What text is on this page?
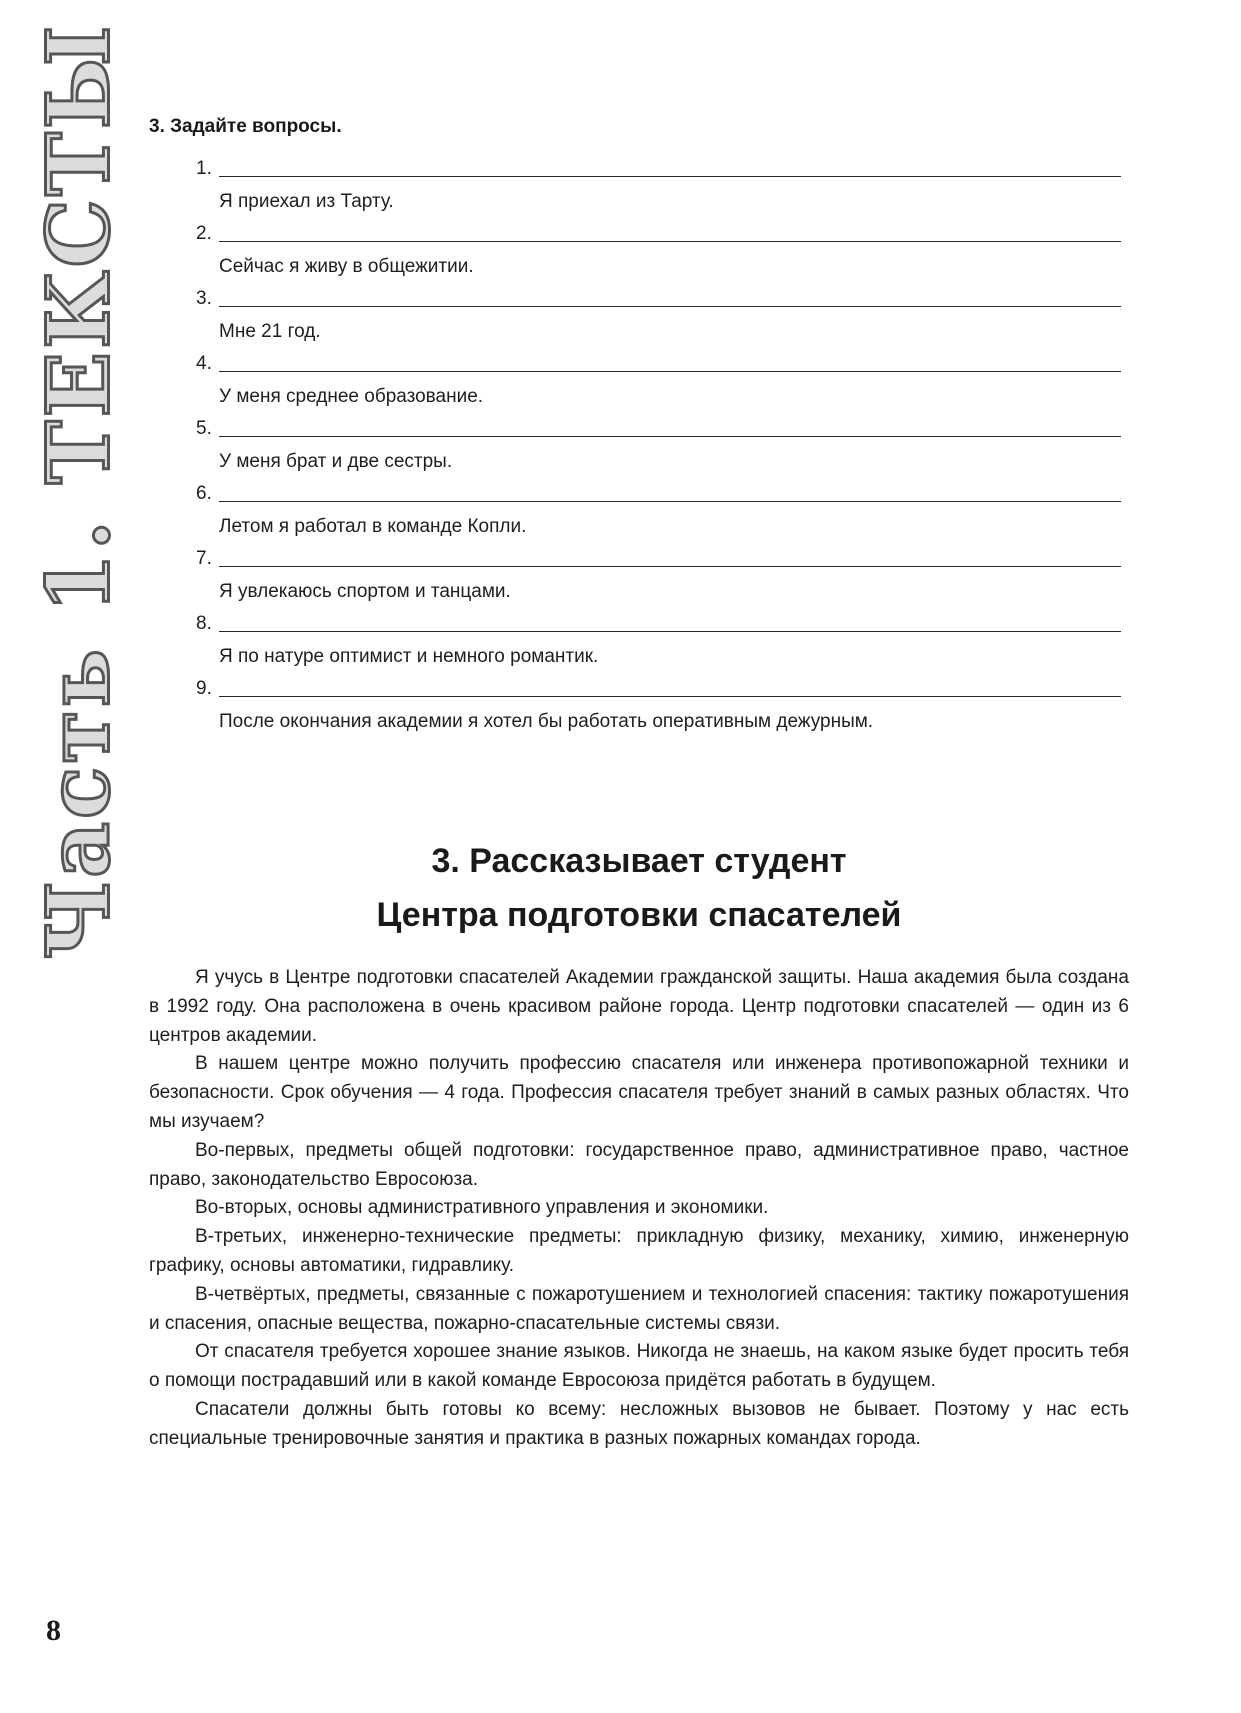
Часть 1. ТЕКСТЫ 3. Задайте вопросы.
1.
Я приехал из Тарту.
2.
Сейчас я живу в общежитии.
3.
Мне 21 год.
4.
У меня среднее образование.
5.
У меня брат и две сестры.
6.
Летом я работал в команде Копли.
7.
Я увлекаюсь спортом и танцами.
8.
Я по натуре оптимист и немного романтик.
9.
После окончания академии я хотел бы работать оперативным дежурным.
3. Рассказывает студент
Центра подготовки спасателей

Я учусь в Центре подготовки спасателей Академии гражданской защиты. Наша академия была создана в 1992 году. Она расположена в очень красивом районе города. Центр подготовки спасателей — один из 6 центров академии.

В нашем центре можно получить профессию спасателя или инженера противопожарной техники и безопасности. Срок обучения — 4 года. Профессия спасателя требует знаний в самых разных областях. Что мы изучаем?

Во-первых, предметы общей подготовки: государственное право, административное право, частное право, законодательство Евросоюза.

Во-вторых, основы административного управления и экономики.

В-третьих, инженерно-технические предметы: прикладную физику, механику, химию, инженерную графику, основы автоматики, гидравлику.

В-четвёртых, предметы, связанные с пожаротушением и технологией спасения: тактику пожаротушения и спасения, опасные вещества, пожарно-спасательные системы связи.

От спасателя требуется хорошее знание языков. Никогда не знаешь, на каком языке будет просить тебя о помощи пострадавший или в какой команде Евросоюза придётся работать в будущем.

Спасатели должны быть готовы ко всему: несложных вызовов не бывает. Поэтому у нас есть специальные тренировочные занятия и практика в разных пожарных командах города.

8
